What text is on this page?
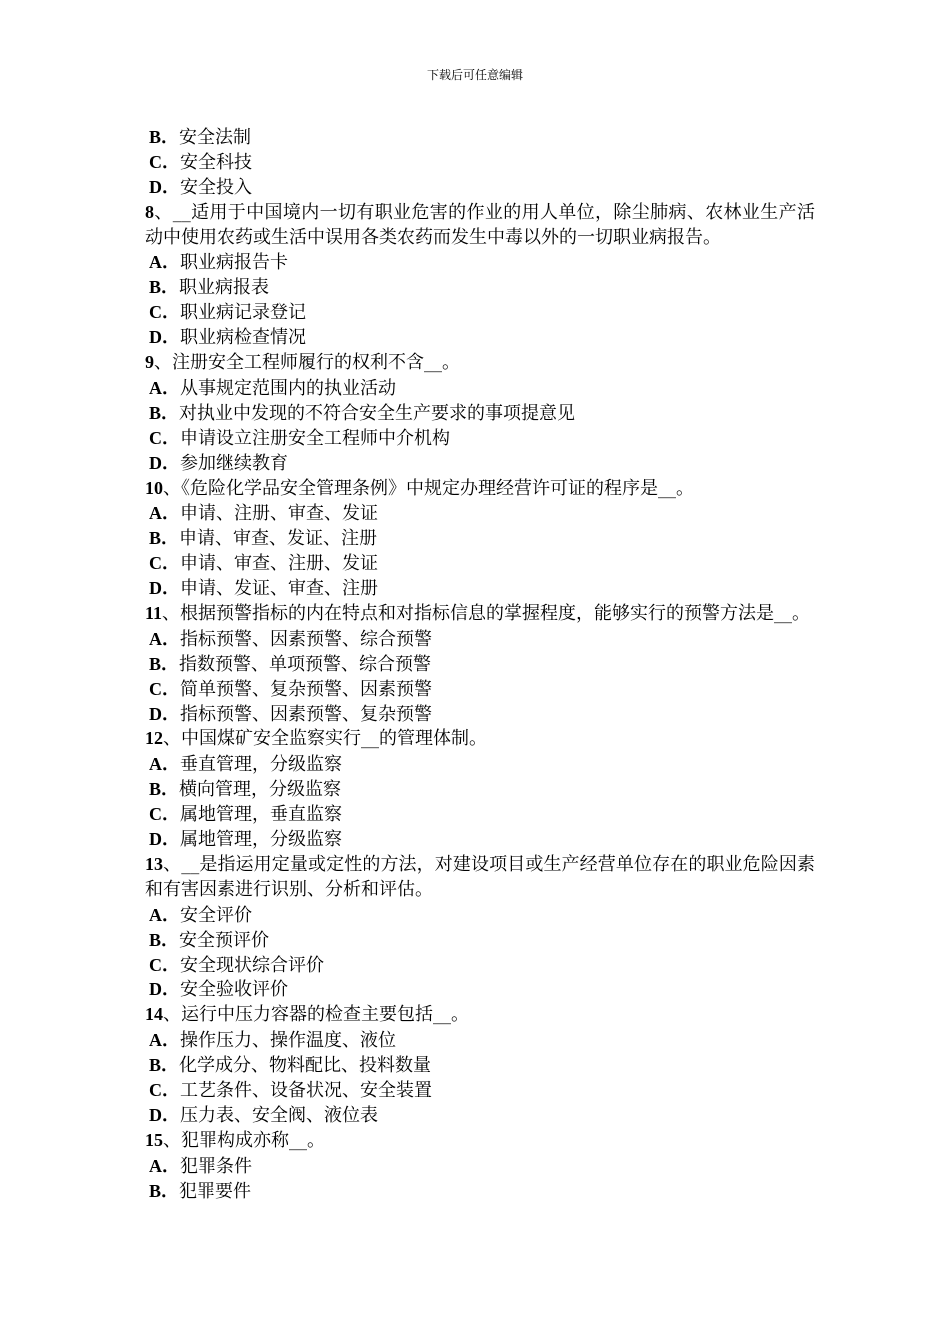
下载后可任意编辑
B．安全法制
C．安全科技
D．安全投入
8、__适用于中国境内一切有职业危害的作业的用人单位，除尘肺病、农林业生产活动中使用农药或生活中误用各类农药而发生中毒以外的一切职业病报告。
A．职业病报告卡
B．职业病报表
C．职业病记录登记
D．职业病检查情况
9、注册安全工程师履行的权利不含__。
A．从事规定范围内的执业活动
B．对执业中发现的不符合安全生产要求的事项提意见
C．申请设立注册安全工程师中介机构
D．参加继续教育
10、《危险化学品安全管理条例》中规定办理经营许可证的程序是__。
A．申请、注册、审查、发证
B．申请、审查、发证、注册
C．申请、审查、注册、发证
D．申请、发证、审查、注册
11、根据预警指标的内在特点和对指标信息的掌握程度，能够实行的预警方法是__。
A．指标预警、因素预警、综合预警
B．指数预警、单项预警、综合预警
C．简单预警、复杂预警、因素预警
D．指标预警、因素预警、复杂预警
12、中国煤矿安全监察实行__的管理体制。
A．垂直管理，分级监察
B．横向管理，分级监察
C．属地管理，垂直监察
D．属地管理，分级监察
13、__是指运用定量或定性的方法，对建设项目或生产经营单位存在的职业危险因素和有害因素进行识别、分析和评估。
A．安全评价
B．安全预评价
C．安全现状综合评价
D．安全验收评价
14、运行中压力容器的检查主要包括__。
A．操作压力、操作温度、液位
B．化学成分、物料配比、投料数量
C．工艺条件、设备状况、安全装置
D．压力表、安全阀、液位表
15、犯罪构成亦称__。
A．犯罪条件
B．犯罪要件
